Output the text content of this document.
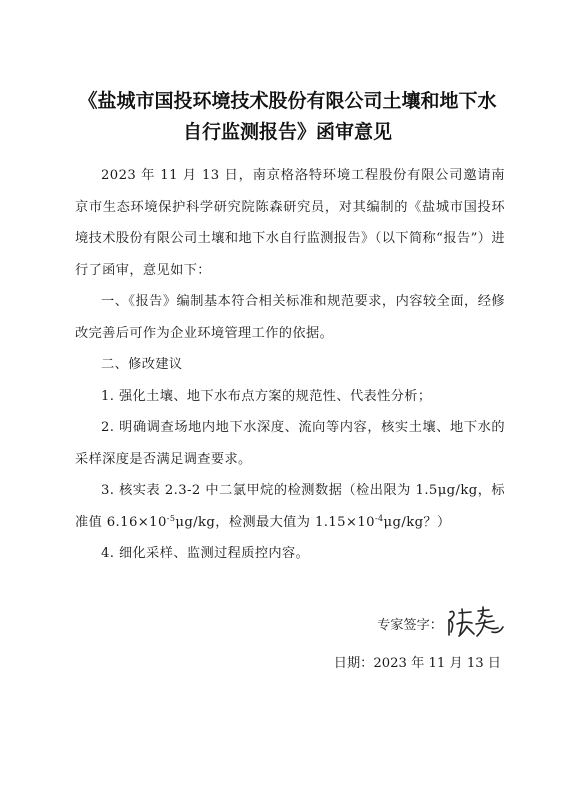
《盐城市国投环境技术股份有限公司土壤和地下水
自行监测报告》函审意见

2023 年 11 月 13 日，南京格洛特环境工程股份有限公司邀请南京市生态环境保护科学研究院陈森研究员，对其编制的《盐城市国投环境技术股份有限公司土壤和地下水自行监测报告》（以下简称“报告”）进行了函审，意见如下：

一、《报告》编制基本符合相关标准和规范要求，内容较全面，经修改完善后可作为企业环境管理工作的依据。

二、修改建议

1. 强化土壤、地下水布点方案的规范性、代表性分析；

2. 明确调查场地内地下水深度、流向等内容，核实土壤、地下水的采样深度是否满足调查要求。

3. 核实表 2.3-2 中二氯甲烷的检测数据（检出限为 1.5μg/kg，标准值 $6.16\times 10^{-5}\mu g/kg$，检测最大值为 $1.15\times 10^{-4}\mu g/kg$？）

4. 细化采样、监测过程质控内容。

专家签字：
日期：2023 年 11 月 13 日
